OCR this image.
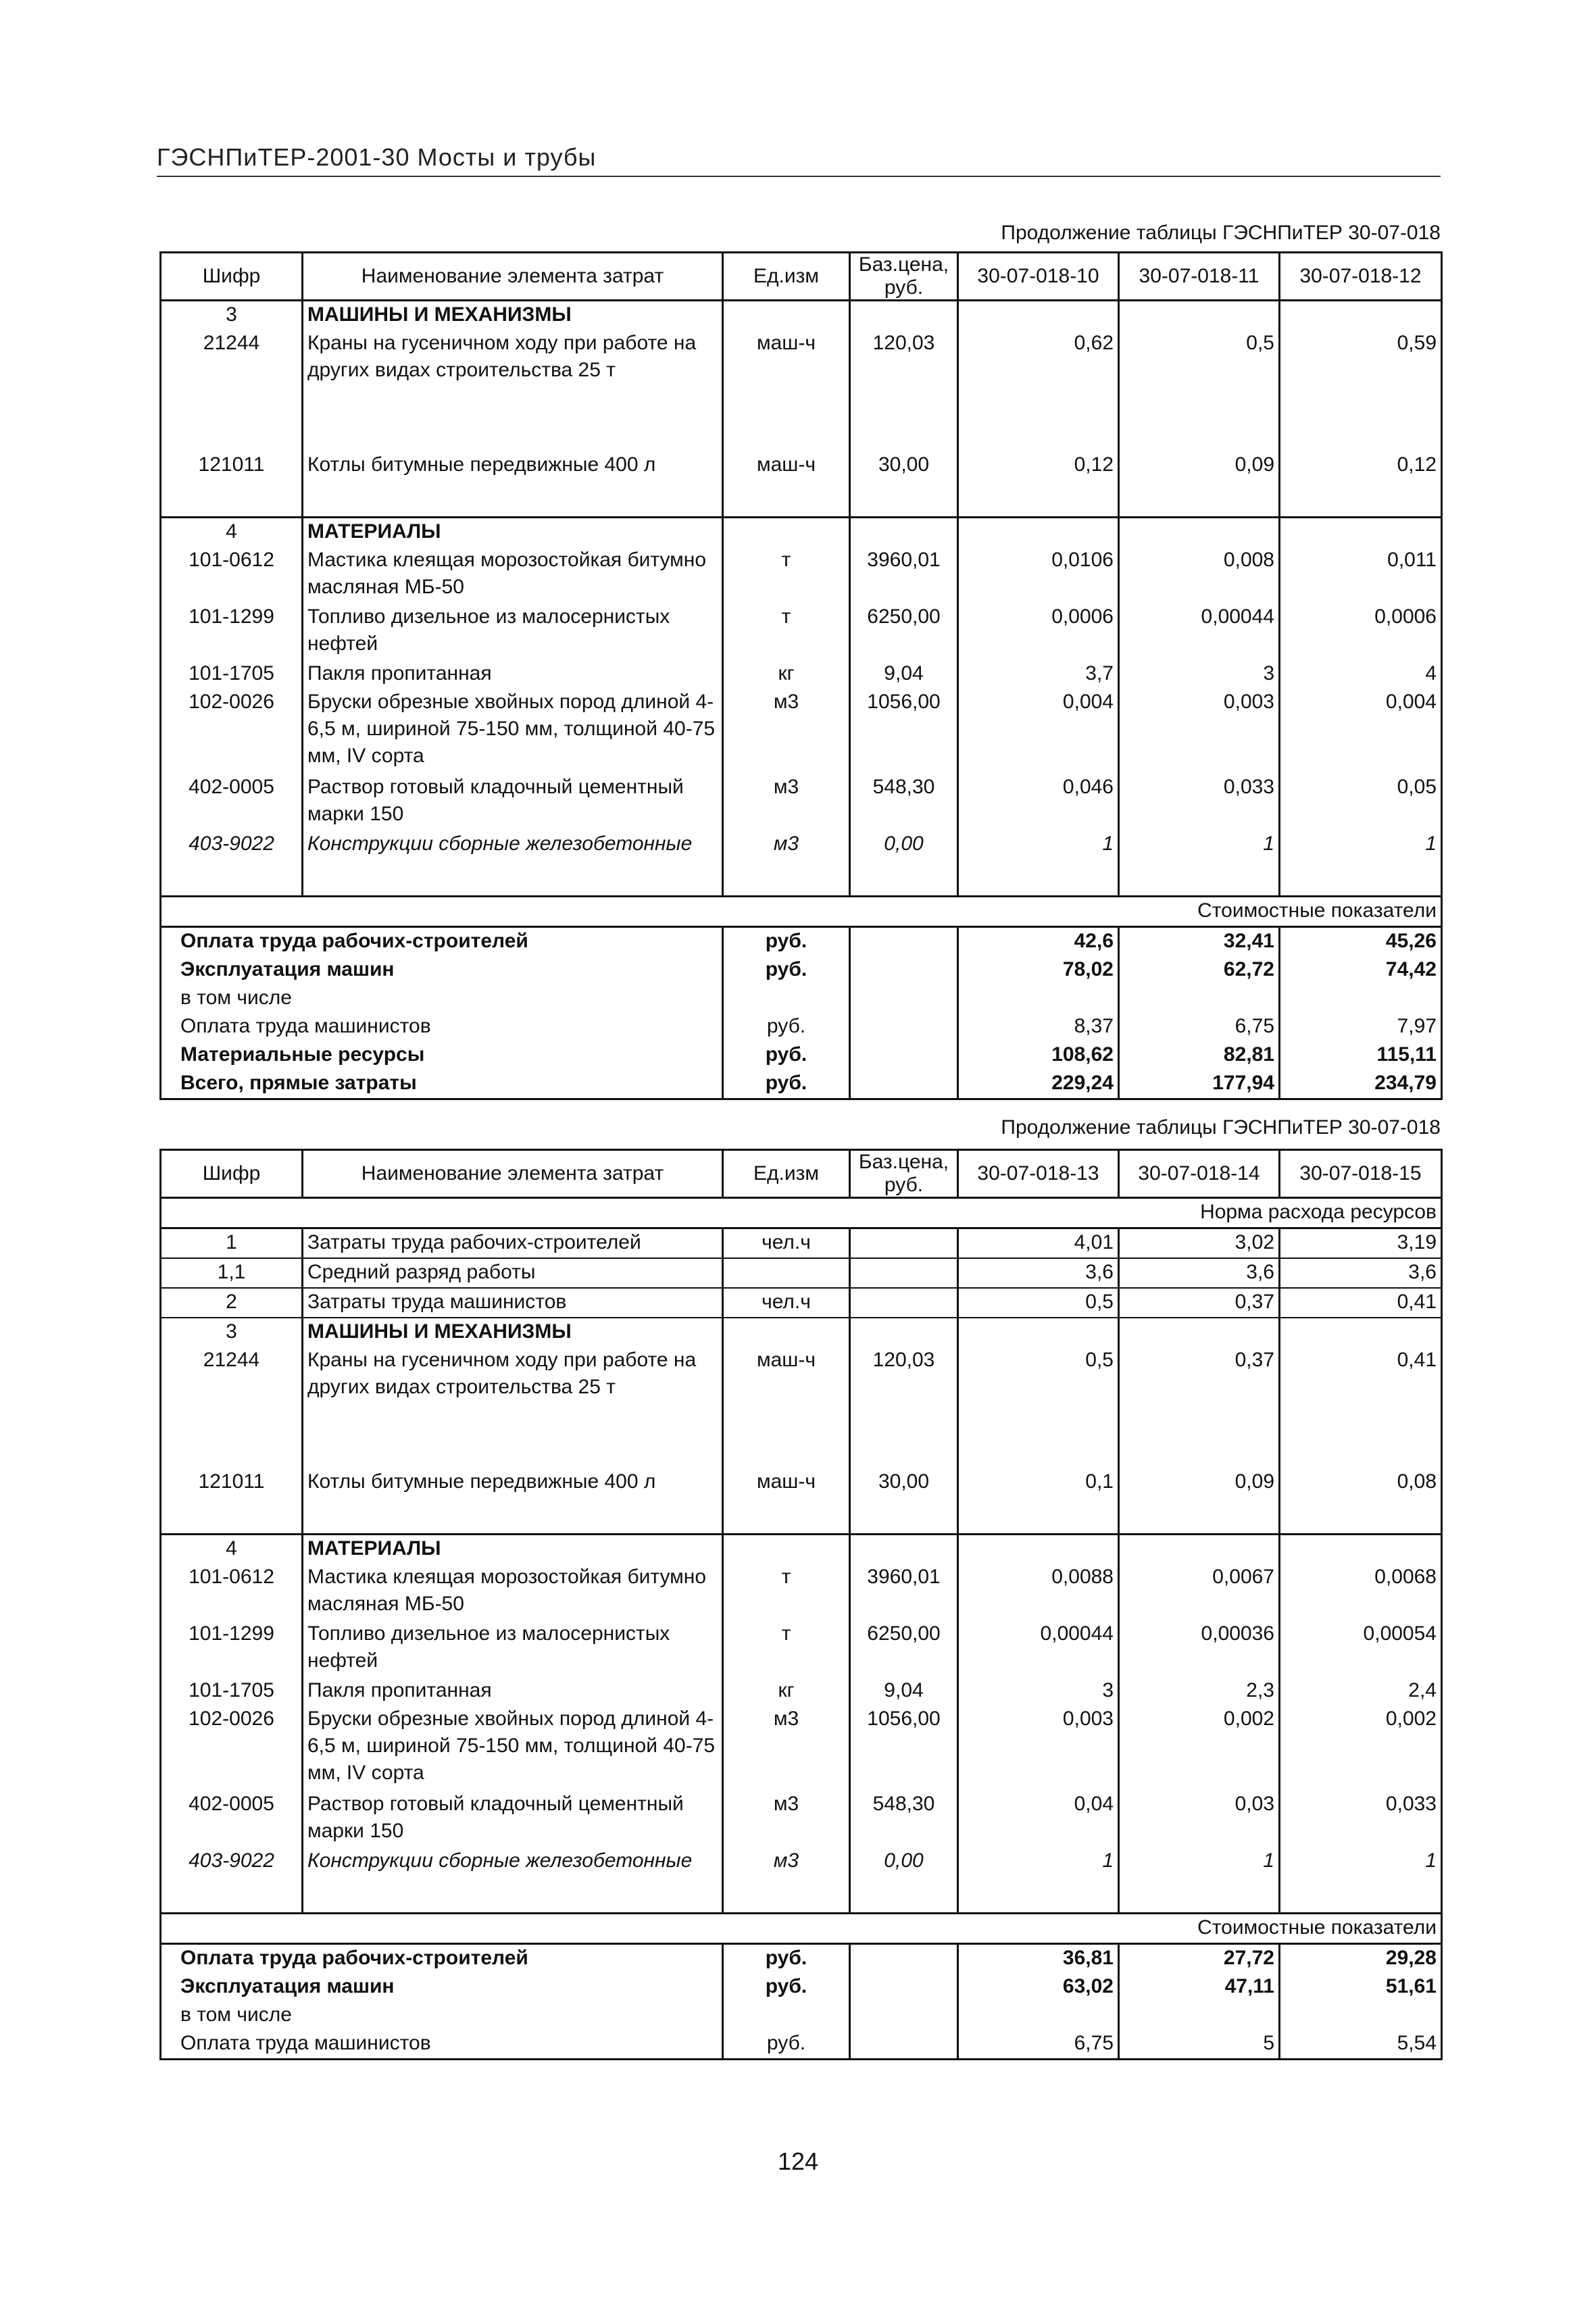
ГЭСНПиТЕР-2001-30 Мосты и трубы
Продолжение таблицы ГЭСНПиТЕР 30-07-018
Шифр	Наименование элемента затрат	Ед.изм	Баз.цена, руб.	30-07-018-10	30-07-018-11	30-07-018-12
3	МАШИНЫ И МЕХАНИЗМЫ					
21244	Краны на гусеничном ходу при работе на других видах строительства 25 т	маш-ч	120,03	0,62	0,5	0,59

121011	Котлы битумные передвижные 400 л	маш-ч	30,00	0,12	0,09	0,12

4	МАТЕРИАЛЫ					
101-0612	Мастика клеящая морозостойкая битумно масляная МБ-50	т	3960,01	0,0106	0,008	0,011
101-1299	Топливо дизельное из малосернистых нефтей	т	6250,00	0,0006	0,00044	0,0006
101-1705	Пакля пропитанная	кг	9,04	3,7	3	4
102-0026	Бруски обрезные хвойных пород длиной 4-6,5 м, шириной 75-150 мм, толщиной 40-75 мм, IV сорта	м3	1056,00	0,004	0,003	0,004
402-0005	Раствор готовый кладочный цементный марки 150	м3	548,30	0,046	0,033	0,05
403-9022	Конструкции сборные железобетонные	м3	0,00	1	1	1

Стоимостные показатели						
Оплата труда рабочих-строителей		руб.		42,6	32,41	45,26
Эксплуатация машин		руб.		78,02	62,72	74,42
в том числе						
Оплата труда машинистов		руб.		8,37	6,75	7,97
Материальные ресурсы		руб.		108,62	82,81	115,11
Всего, прямые затраты		руб.		229,24	177,94	234,79
Продолжение таблицы ГЭСНПиТЕР 30-07-018
Шифр	Наименование элемента затрат	Ед.изм	Баз.цена, руб.	30-07-018-13	30-07-018-14	30-07-018-15
Норма расхода ресурсов						
1	Затраты труда рабочих-строителей	чел.ч		4,01	3,02	3,19
1,1	Средний разряд работы			3,6	3,6	3,6
2	Затраты труда машинистов	чел.ч		0,5	0,37	0,41
3	МАШИНЫ И МЕХАНИЗМЫ					
21244	Краны на гусеничном ходу при работе на других видах строительства 25 т	маш-ч	120,03	0,5	0,37	0,41

121011	Котлы битумные передвижные 400 л	маш-ч	30,00	0,1	0,09	0,08

4	МАТЕРИАЛЫ					
101-0612	Мастика клеящая морозостойкая битумно масляная МБ-50	т	3960,01	0,0088	0,0067	0,0068
101-1299	Топливо дизельное из малосернистых нефтей	т	6250,00	0,00044	0,00036	0,00054
101-1705	Пакля пропитанная	кг	9,04	3	2,3	2,4
102-0026	Бруски обрезные хвойных пород длиной 4-6,5 м, шириной 75-150 мм, толщиной 40-75 мм, IV сорта	м3	1056,00	0,003	0,002	0,002
402-0005	Раствор готовый кладочный цементный марки 150	м3	548,30	0,04	0,03	0,033
403-9022	Конструкции сборные железобетонные	м3	0,00	1	1	1

Стоимостные показатели						
Оплата труда рабочих-строителей		руб.		36,81	27,72	29,28
Эксплуатация машин		руб.		63,02	47,11	51,61
в том числе						
Оплата труда машинистов		руб.		6,75	5	5,54
124
